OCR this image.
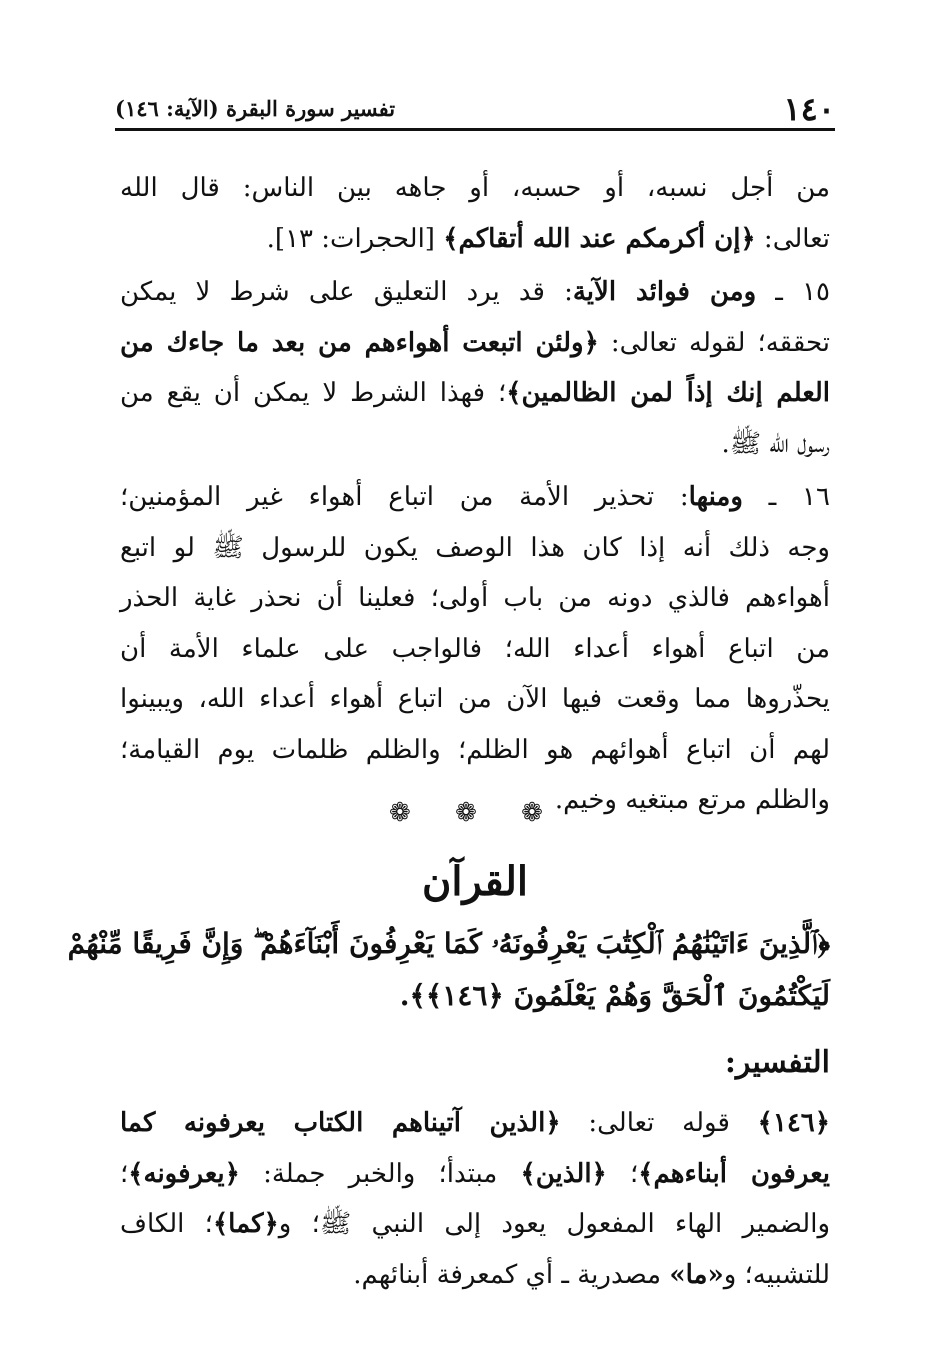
١٤٠
تفسير سورة البقرة (الآية: ١٤٦)
من أجل نسبه، أو حسبه، أو جاهه بين الناس: قال الله
تعالى: ﴿إن أكرمكم عند الله أتقاكم﴾ [الحجرات: ١٣].
١٥ ـ ومن فوائد الآية: قد يرد التعليق على شرط لا يمكن
تحققه؛ لقوله تعالى: ﴿ولئن اتبعت أهواءهم من بعد ما جاءك من
العلم إنك إذاً لمن الظالمين﴾؛ فهذا الشرط لا يمكن أن يقع من
رسول الله ﷺ.
١٦ ـ ومنها: تحذير الأمة من اتباع أهواء غير المؤمنين؛
وجه ذلك أنه إذا كان هذا الوصف يكون للرسول ﷺ لو اتبع
أهواءهم فالذي دونه من باب أولى؛ فعلينا أن نحذر غاية الحذر
من اتباع أهواء أعداء الله؛ فالواجب على علماء الأمة أن
يحذّروها مما وقعت فيها الآن من اتباع أهواء أعداء الله، ويبينوا
لهم أن اتباع أهوائهم هو الظلم؛ والظلم ظلمات يوم القيامة؛
والظلم مرتع مبتغيه وخيم.
❁ ❁ ❁
القرآن
﴿ٱلَّذِينَ ءَاتَيْنَٰهُمُ ٱلْكِتَٰبَ يَعْرِفُونَهُۥ كَمَا يَعْرِفُونَ أَبْنَآءَهُمْ ۖ وَإِنَّ فَرِيقًا مِّنْهُمْ
لَيَكْتُمُونَ ٱلْحَقَّ وَهُمْ يَعْلَمُونَ ﴿١٤٦﴾﴾.
التفسير:
﴿١٤٦﴾ قوله تعالى: ﴿الذين آتيناهم الكتاب يعرفونه كما
يعرفون أبناءهم﴾؛ ﴿الذين﴾ مبتدأ؛ والخبر جملة: ﴿يعرفونه﴾؛
والضمير الهاء المفعول يعود إلى النبي ﷺ؛ و﴿كما﴾؛ الكاف
للتشبيه؛ و«ما» مصدرية ـ أي كمعرفة أبنائهم.
